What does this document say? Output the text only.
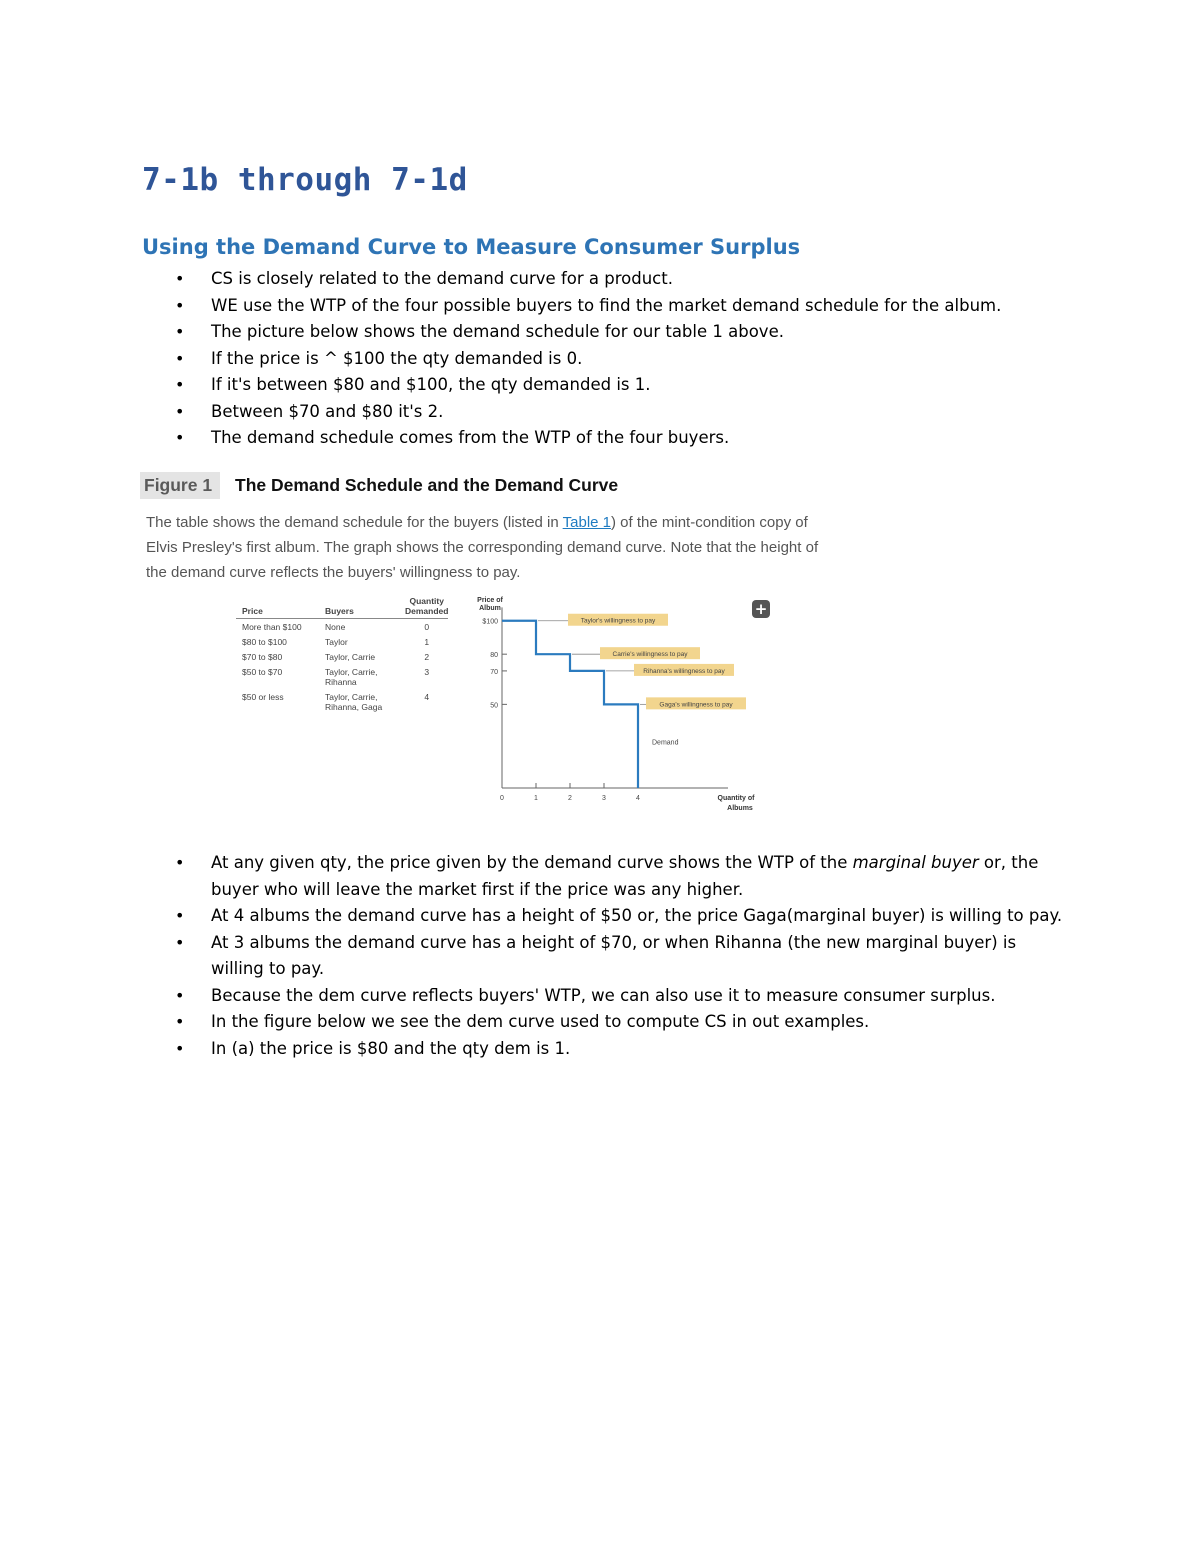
7-1b through 7-1d
Using the Demand Curve to Measure Consumer Surplus
• CS is closely related to the demand curve for a product.
• WE use the WTP of the four possible buyers to find the market demand schedule for the album.
• The picture below shows the demand schedule for our table 1 above.
• If the price is ^ $100 the qty demanded is 0.
• If it's between $80 and $100, the qty demanded is 1.
• Between $70 and $80 it's 2.
• The demand schedule comes from the WTP of the four buyers.
Figure 1	The Demand Schedule and the Demand Curve
The table shows the demand schedule for the buyers (listed in Table 1) of the mint-condition copy of Elvis Presley's first album. The graph shows the corresponding demand curve. Note that the height of the demand curve reflects the buyers' willingness to pay.
Price	Buyers	Quantity Demanded
More than $100	None	0
$80 to $100	Taylor	1
$70 to $80	Taylor, Carrie	2
$50 to $70	Taylor, Carrie, Rihanna	3
$50 or less	Taylor, Carrie, Rihanna, Gaga	4
Price of
Album
Quantity of
Albums
$100
80
70
50
0	1	2	3	4
Demand
Taylor's willingness to pay
Carrie's willingness to pay
Rihanna's willingness to pay
Gaga's willingness to pay
+
• At any given qty, the price given by the demand curve shows the WTP of the marginal buyer or, the buyer who will leave the market first if the price was any higher.
• At 4 albums the demand curve has a height of $50 or, the price Gaga(marginal buyer) is willing to pay.
• At 3 albums the demand curve has a height of $70, or when Rihanna (the new marginal buyer) is willing to pay.
• Because the dem curve reflects buyers' WTP, we can also use it to measure consumer surplus.
• In the figure below we see the dem curve used to compute CS in out examples.
• In (a) the price is $80 and the qty dem is 1.
